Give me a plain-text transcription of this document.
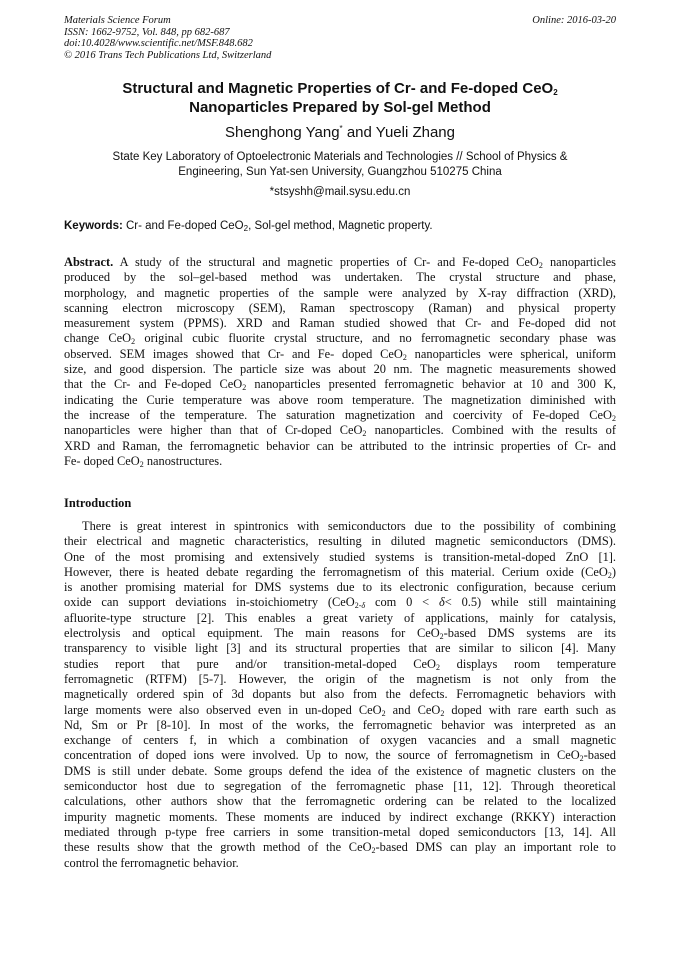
Materials Science Forum
ISSN: 1662-9752, Vol. 848, pp 682-687
doi:10.4028/www.scientific.net/MSF.848.682
© 2016 Trans Tech Publications Ltd, Switzerland
Online: 2016-03-20
Structural and Magnetic Properties of Cr- and Fe-doped CeO$_2$
Nanoparticles Prepared by Sol-gel Method
Shenghong Yang* and Yueli Zhang
State Key Laboratory of Optoelectronic Materials and Technologies // School of Physics &
Engineering, Sun Yat-sen University, Guangzhou 510275 China
*stsyshh@mail.sysu.edu.cn
Keywords: Cr- and Fe-doped CeO$_2$, Sol-gel method, Magnetic property.
Abstract. A study of the structural and magnetic properties of Cr- and Fe-doped CeO$_2$ nanoparticles
produced by the sol–gel-based method was undertaken. The crystal structure and phase,
morphology, and magnetic properties of the sample were analyzed by X-ray diffraction (XRD),
scanning electron microscopy (SEM), Raman spectroscopy (Raman) and physical property
measurement system (PPMS). XRD and Raman studied showed that Cr- and Fe-doped did not
change CeO$_2$ original cubic fluorite crystal structure, and no ferromagnetic secondary phase was
observed. SEM images showed that Cr- and Fe- doped CeO$_2$ nanoparticles were spherical, uniform
size, and good dispersion. The particle size was about 20 nm. The magnetic measurements showed
that the Cr- and Fe-doped CeO$_2$ nanoparticles presented ferromagnetic behavior at 10 and 300 K,
indicating the Curie temperature was above room temperature. The magnetization diminished with
the increase of the temperature. The saturation magnetization and coercivity of Fe-doped CeO$_2$
nanoparticles were higher than that of Cr-doped CeO$_2$ nanoparticles. Combined with the results of
XRD and Raman, the ferromagnetic behavior can be attributed to the intrinsic properties of Cr- and
Fe- doped CeO$_2$ nanostructures.
Introduction
There is great interest in spintronics with semiconductors due to the possibility of combining
their electrical and magnetic characteristics, resulting in diluted magnetic semiconductors (DMS).
One of the most promising and extensively studied systems is transition-metal-doped ZnO [1].
However, there is heated debate regarding the ferromagnetism of this material. Cerium oxide (CeO$_2$)
is another promising material for DMS systems due to its electronic configuration, because cerium
oxide can support deviations in-stoichiometry (CeO$_{2-\delta}$ com 0 < δ< 0.5) while still maintaining
afluorite-type structure [2]. This enables a great variety of applications, mainly for catalysis,
electrolysis and optical equipment. The main reasons for CeO$_2$-based DMS systems are its
transparency to visible light [3] and its structural properties that are similar to silicon [4]. Many
studies report that pure and/or transition-metal-doped CeO$_2$ displays room temperature
ferromagnetic (RTFM) [5-7]. However, the origin of the magnetism is not only from the
magnetically ordered spin of 3d dopants but also from the defects. Ferromagnetic behaviors with
large moments were also observed even in un-doped CeO$_2$ and CeO$_2$ doped with rare earth such as
Nd, Sm or Pr [8-10]. In most of the works, the ferromagnetic behavior was interpreted as an
exchange of centers f, in which a combination of oxygen vacancies and a small magnetic
concentration of doped ions were involved. Up to now, the source of ferromagnetism in CeO$_2$-based
DMS is still under debate. Some groups defend the idea of the existence of magnetic clusters on the
semiconductor host due to segregation of the ferromagnetic phase [11, 12]. Through theoretical
calculations, other authors show that the ferromagnetic ordering can be related to the localized
impurity magnetic moments. These moments are induced by indirect exchange (RKKY) interaction
mediated through p-type free carriers in some transition-metal doped semiconductors [13, 14]. All
these results show that the growth method of the CeO$_2$-based DMS can play an important role to
control the ferromagnetic behavior.
